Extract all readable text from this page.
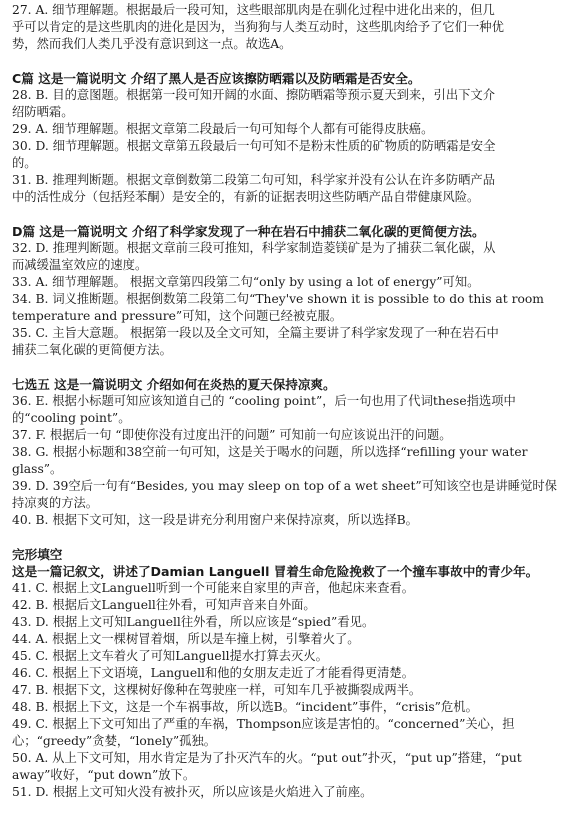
27. A. 细节理解题。根据最后一段可知，这些眼部肌肉是在驯化过程中进化出来的，但几
乎可以肯定的是这些肌肉的进化是因为，当狗狗与人类互动时，这些肌肉给予了它们一种优
势，然而我们人类几乎没有意识到这一点。故选A。
C篇 这是一篇说明文 介绍了黑人是否应该擦防晒霜以及防晒霜是否安全。
28. B. 目的意图题。根据第一段可知开阔的水面、擦防晒霜等预示夏天到来，引出下文介
绍防晒霜。
29. A. 细节理解题。根据文章第二段最后一句可知每个人都有可能得皮肤癌。
30. D. 细节理解题。根据文章第五段最后一句可知不是粉末性质的矿物质的防晒霜是安全
的。
31. B. 推理判断题。根据文章倒数第二段第二句可知，科学家并没有公认在许多防晒产品
中的活性成分（包括羟苯酮）是安全的，有新的证据表明这些防晒产品自带健康风险。
D篇 这是一篇说明文 介绍了科学家发现了一种在岩石中捕获二氧化碳的更简便方法。
32. D. 推理判断题。根据文章前三段可推知，科学家制造菱镁矿是为了捕获二氧化碳，从
而减缓温室效应的速度。
33. A. 细节理解题。 根据文章第四段第二句“only by using a lot of energy”可知。
34. B. 词义推断题。根据倒数第二段第二句“They've shown it is possible to do this at room
temperature and pressure”可知，这个问题已经被克服。
35. C. 主旨大意题。 根据第一段以及全文可知，全篇主要讲了科学家发现了一种在岩石中
捕获二氧化碳的更简便方法。
七选五 这是一篇说明文 介绍如何在炎热的夏天保持凉爽。
36. E. 根据小标题可知应该知道自己的 “cooling point”，后一句也用了代词these指选项中
的“cooling point”。
37. F. 根据后一句 “即使你没有过度出汗的问题” 可知前一句应该说出汗的问题。
38. G. 根据小标题和38空前一句可知，这是关于喝水的问题，所以选择“refilling your water
glass”。
39. D. 39空后一句有“Besides, you may sleep on top of a wet sheet”可知该空也是讲睡觉时保
持凉爽的方法。
40. B. 根据下文可知，这一段是讲充分利用窗户来保持凉爽，所以选择B。
完形填空
这是一篇记叙文，讲述了Damian Languell 冒着生命危险挽救了一个撞车事故中的青少年。
41. C. 根据上文Languell听到一个可能来自家里的声音，他起床来查看。
42. B. 根据后文Languell往外看，可知声音来自外面。
43. D. 根据上文可知Languell往外看，所以应该是“spied”看见。
44. A. 根据上文一棵树冒着烟，所以是车撞上树，引擎着火了。
45. C. 根据上文车着火了可知Languell提水打算去灭火。
46. C. 根据上下文语境，Languell和他的女朋友走近了才能看得更清楚。
47. B. 根据下文，这棵树好像种在驾驶座一样，可知车几乎被撕裂成两半。
48. B. 根据上下文，这是一个车祸事故，所以选B。“incident”事件，“crisis”危机。
49. C. 根据上下文可知出了严重的车祸，Thompson应该是害怕的。“concerned”关心，担
心；“greedy”贪婪，“lonely”孤独。
50. A. 从上下文可知，用水肯定是为了扑灭汽车的火。“put out”扑灭，“put up”搭建，“put
away”收好，“put down”放下。
51. D. 根据上文可知火没有被扑灭，所以应该是火焰进入了前座。
